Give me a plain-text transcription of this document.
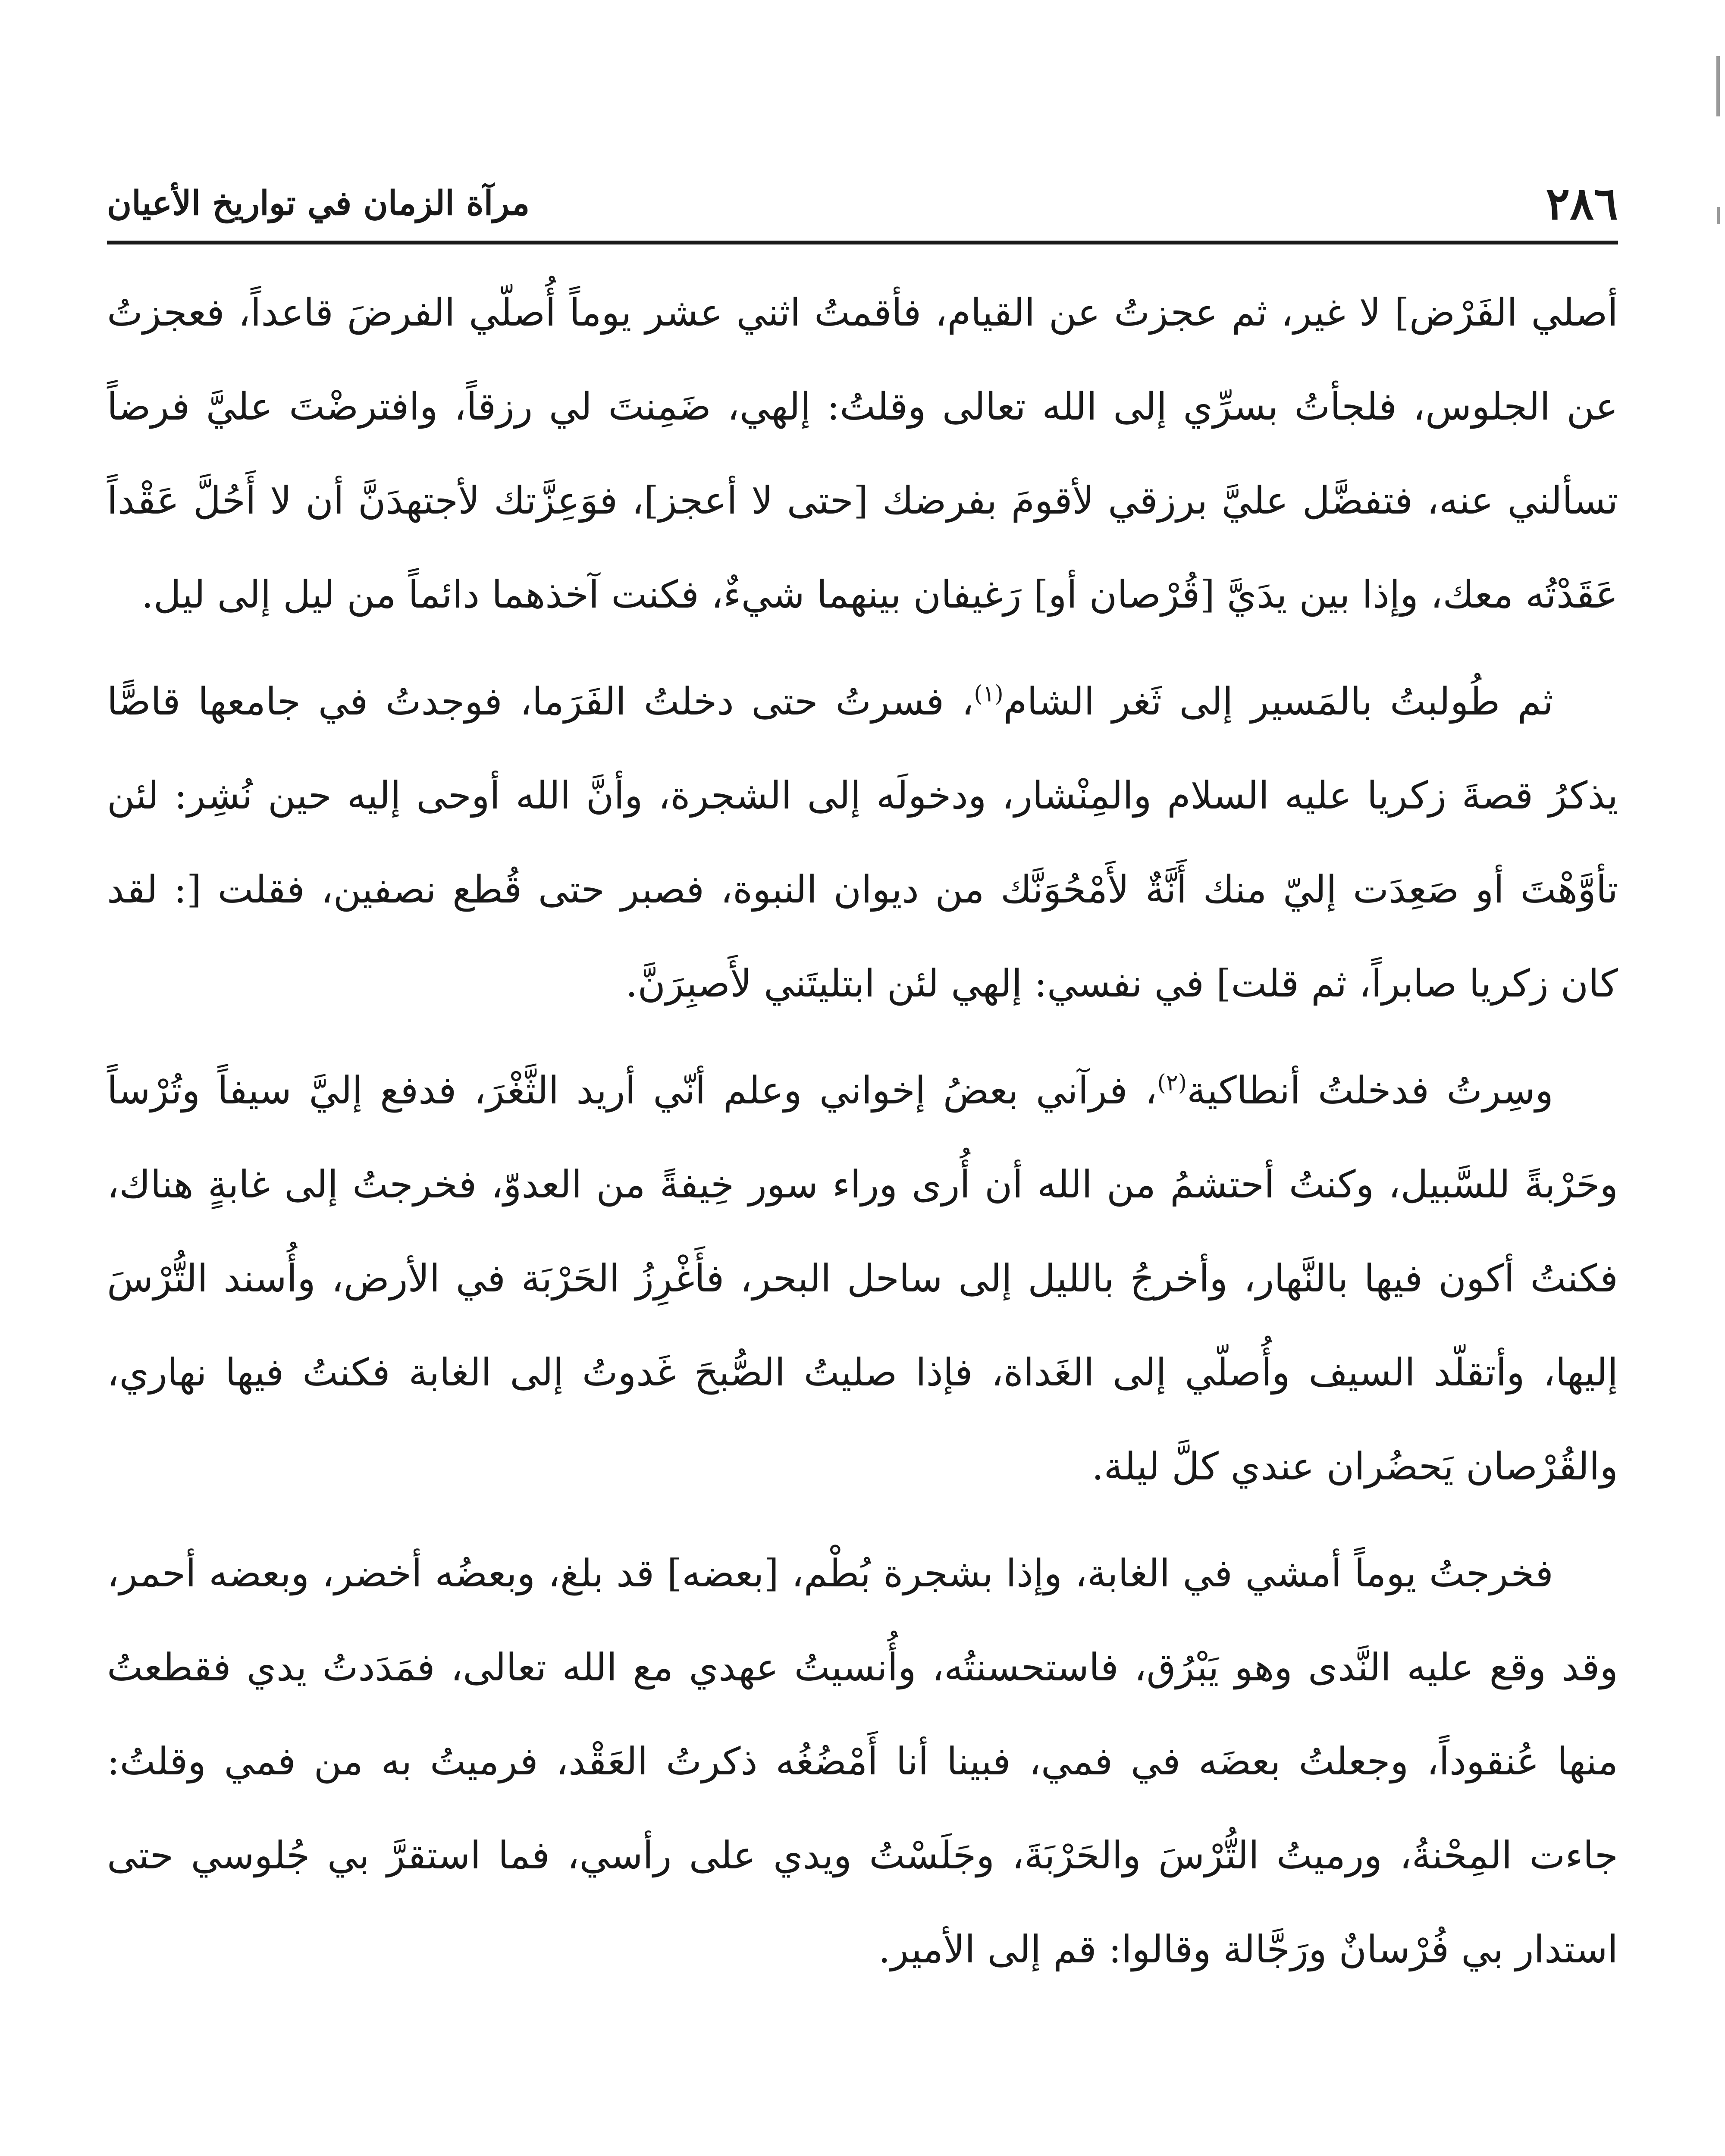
٢٨٦
مرآة الزمان في تواريخ الأعيان

أصلي الفَرْض] لا غير، ثم عجزتُ عن القيام، فأقمتُ اثني عشر يوماً أُصلّي الفرضَ قاعداً، فعجزتُ عن الجلوس، فلجأتُ بسرِّي إلى الله تعالى وقلتُ: إلهي، ضَمِنتَ لي رزقاً، وافترضْتَ عليَّ فرضاً تسألني عنه، فتفضَّل عليَّ برزقي لأقومَ بفرضك [حتى لا أعجز]، فوَعِزَّتك لأجتهدَنَّ أن لا أَحُلَّ عَقْداً عَقَدْتُه معك، وإذا بين يدَيَّ [قُرْصان أو] رَغيفان بينهما شيءٌ، فكنت آخذهما دائماً من ليل إلى ليل.

ثم طُولبتُ بالمَسير إلى ثَغر الشام$^{(١)}$، فسرتُ حتى دخلتُ الفَرَما، فوجدتُ في جامعها قاصًّا يذكرُ قصةَ زكريا عليه السلام والمِنْشار، ودخولَه إلى الشجرة، وأنَّ الله أوحى إليه حين نُشِر: لئن تأوَّهْتَ أو صَعِدَت إليّ منك أَنَّةٌ لأَمْحُوَنَّك من ديوان النبوة، فصبر حتى قُطع نصفين، فقلت [: لقد كان زكريا صابراً، ثم قلت] في نفسي: إلهي لئن ابتليتَني لأَصبِرَنَّ.

وسِرتُ فدخلتُ أنطاكية$^{(٢)}$، فرآني بعضُ إخواني وعلم أنّي أريد الثَّغْرَ، فدفع إليَّ سيفاً وتُرْساً وحَرْبةً للسَّبيل، وكنتُ أحتشمُ من الله أن أُرى وراء سور خِيفةً من العدوّ، فخرجتُ إلى غابةٍ هناك، فكنتُ أكون فيها بالنَّهار، وأخرجُ بالليل إلى ساحل البحر، فأَغْرِزُ الحَرْبَة في الأرض، وأُسند التُّرْسَ إليها، وأتقلّد السيف وأُصلّي إلى الغَداة، فإذا صليتُ الصُّبحَ غَدوتُ إلى الغابة فكنتُ فيها نهاري، والقُرْصان يَحضُران عندي كلَّ ليلة.

فخرجتُ يوماً أمشي في الغابة، وإذا بشجرة بُطْم، [بعضه] قد بلغ، وبعضُه أخضر، وبعضه أحمر، وقد وقع عليه النَّدى وهو يَبْرُق، فاستحسنتُه، وأُنسيتُ عهدي مع الله تعالى، فمَدَدتُ يدي فقطعتُ منها عُنقوداً، وجعلتُ بعضَه في فمي، فبينا أنا أَمْضُغُه ذكرتُ العَقْد، فرميتُ به من فمي وقلتُ: جاءت المِحْنةُ، ورميتُ التُّرْسَ والحَرْبَةَ، وجَلَسْتُ ويدي على رأسي، فما استقرَّ بي جُلوسي حتى استدار بي فُرْسانٌ ورَجَّالة وقالوا: قم إلى الأمير.
